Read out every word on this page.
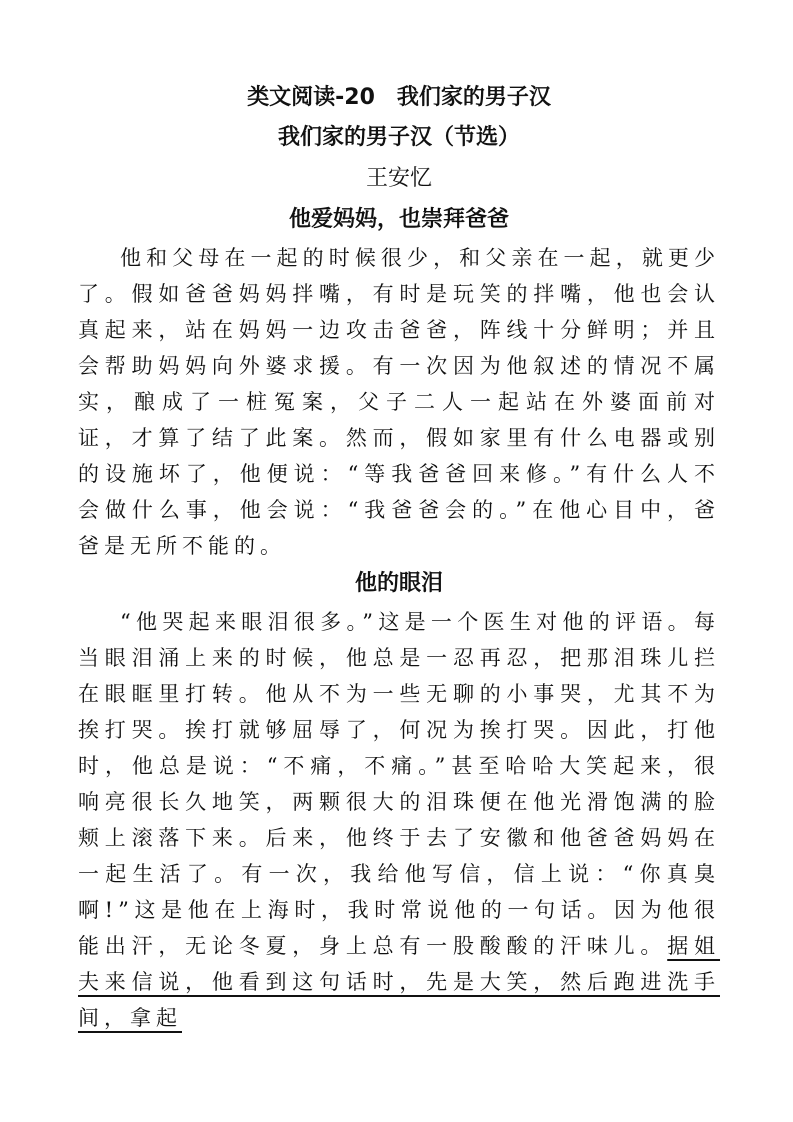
类文阅读-20　我们家的男子汉
我们家的男子汉（节选）
王安忆
他爱妈妈，也崇拜爸爸

他和父母在一起的时候很少，和父亲在一起，就更少了。假如爸爸妈妈拌嘴，有时是玩笑的拌嘴，他也会认真起来，站在妈妈一边攻击爸爸，阵线十分鲜明；并且会帮助妈妈向外婆求援。有一次因为他叙述的情况不属实，酿成了一桩冤案，父子二人一起站在外婆面前对证，才算了结了此案。然而，假如家里有什么电器或别的设施坏了，他便说：“等我爸爸回来修。”有什么人不会做什么事，他会说：“我爸爸会的。”在他心目中，爸爸是无所不能的。

他的眼泪

“他哭起来眼泪很多。”这是一个医生对他的评语。每当眼泪涌上来的时候，他总是一忍再忍，把那泪珠儿拦在眼眶里打转。他从不为一些无聊的小事哭，尤其不为挨打哭。挨打就够屈辱了，何况为挨打哭。因此，打他时，他总是说：“不痛，不痛。”甚至哈哈大笑起来，很响亮很长久地笑，两颗很大的泪珠便在他光滑饱满的脸颊上滚落下来。后来，他终于去了安徽和他爸爸妈妈在一起生活了。有一次，我给他写信，信上说：“你真臭啊!”这是他在上海时，我时常说他的一句话。因为他很能出汗，无论冬夏，身上总有一股酸酸的汗味儿。据姐夫来信说，他看到这句话时，先是大笑，然后跑进洗手间，拿起
